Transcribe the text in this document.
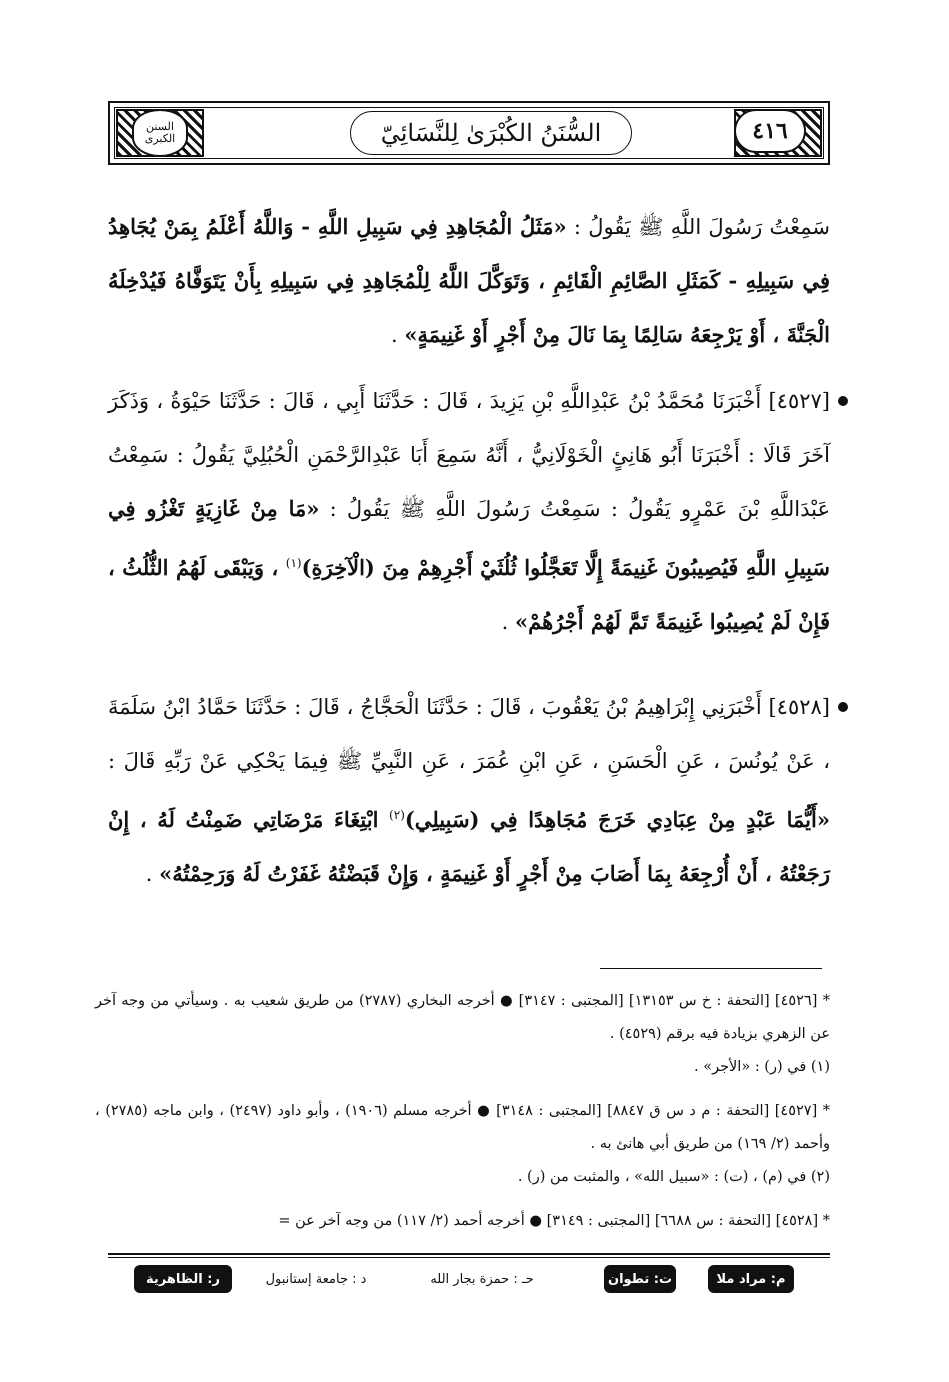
السنن الكبرى	السُّنَنُ الكُبْرَىٰ لِلنَّسَائِيّ	٤١٦
سَمِعْتُ رَسُولَ اللَّهِ ﷺ يَقُولُ : «مَثَلُ الْمُجَاهِدِ فِي سَبِيلِ اللَّهِ - وَاللَّهُ أَعْلَمُ بِمَنْ يُجَاهِدُ فِي سَبِيلِهِ - كَمَثَلِ الصَّائِمِ الْقَائِمِ ، وَتَوَكَّلَ اللَّهُ لِلْمُجَاهِدِ فِي سَبِيلِهِ بِأَنْ يَتَوَفَّاهُ فَيُدْخِلَهُ الْجَنَّةَ ، أَوْ يَرْجِعَهُ سَالِمًا بِمَا نَالَ مِنْ أَجْرٍ أَوْ غَنِيمَةٍ» .
[٤٥٢٧] أَخْبَرَنَا مُحَمَّدُ بْنُ عَبْدِاللَّهِ بْنِ يَزِيدَ ، قَالَ : حَدَّثَنَا أَبِي ، قَالَ : حَدَّثَنَا حَيْوَةُ ، وَذَكَرَ آخَرَ قَالَا : أَخْبَرَنَا أَبُو هَانِئٍ الْخَوْلَانِيُّ ، أَنَّهُ سَمِعَ أَبَا عَبْدِالرَّحْمَنِ الْحُبُلِيَّ يَقُولُ : سَمِعْتُ عَبْدَاللَّهِ بْنَ عَمْرٍو يَقُولُ : سَمِعْتُ رَسُولَ اللَّهِ ﷺ يَقُولُ : «مَا مِنْ غَازِيَةٍ تَغْزُو فِي سَبِيلِ اللَّهِ فَيُصِيبُونَ غَنِيمَةً إِلَّا تَعَجَّلُوا ثُلُثَيْ أَجْرِهِمْ مِنَ (الْآخِرَةِ)$^{(١)}$ ، وَيَبْقَى لَهُمُ الثُّلُثُ ، فَإِنْ لَمْ يُصِيبُوا غَنِيمَةً تَمَّ لَهُمْ أَجْرُهُمْ» .
[٤٥٢٨] أَخْبَرَنِي إِبْرَاهِيمُ بْنُ يَعْقُوبَ ، قَالَ : حَدَّثَنَا الْحَجَّاجُ ، قَالَ : حَدَّثَنَا حَمَّادُ ابْنُ سَلَمَةَ ، عَنْ يُونُسَ ، عَنِ الْحَسَنِ ، عَنِ ابْنِ عُمَرَ ، عَنِ النَّبِيِّ ﷺ فِيمَا يَحْكِي عَنْ رَبِّهِ قَالَ : «أَيُّمَا عَبْدٍ مِنْ عِبَادِي خَرَجَ مُجَاهِدًا فِي (سَبِيلِي)$^{(٢)}$ ابْتِغَاءَ مَرْضَاتِي ضَمِنْتُ لَهُ ، إِنْ رَجَعْتُهُ ، أَنْ أُرْجِعَهُ بِمَا أَصَابَ مِنْ أَجْرٍ أَوْ غَنِيمَةٍ ، وَإِنْ قَبَضْتُهُ غَفَرْتُ لَهُ وَرَحِمْتُهُ» .
* [٤٥٢٦] [التحفة : خ س ١٣١٥٣] [المجتبى : ٣١٤٧] ● أخرجه البخاري (٢٧٨٧) من طريق شعيب به . وسيأتي من وجه آخر عن الزهري بزيادة فيه برقم (٤٥٢٩) .
(١) في (ر) : «الأجر» .
* [٤٥٢٧] [التحفة : م د س ق ٨٨٤٧] [المجتبى : ٣١٤٨] ● أخرجه مسلم (١٩٠٦) ، وأبو داود (٢٤٩٧) ، وابن ماجه (٢٧٨٥) ، وأحمد (٢/ ١٦٩) من طريق أبي هانئ به .
(٢) في (م) ، (ت) : «سبيل الله» ، والمثبت من (ر) .
* [٤٥٢٨] [التحفة : س ٦٦٨٨] [المجتبى : ٣١٤٩] ● أخرجه أحمد (٢/ ١١٧) من وجه آخر عن =
م: مراد ملا
ت: تطوان
حـ : حمزة بجار الله
د : جامعة إستانبول
ر: الظاهرية
